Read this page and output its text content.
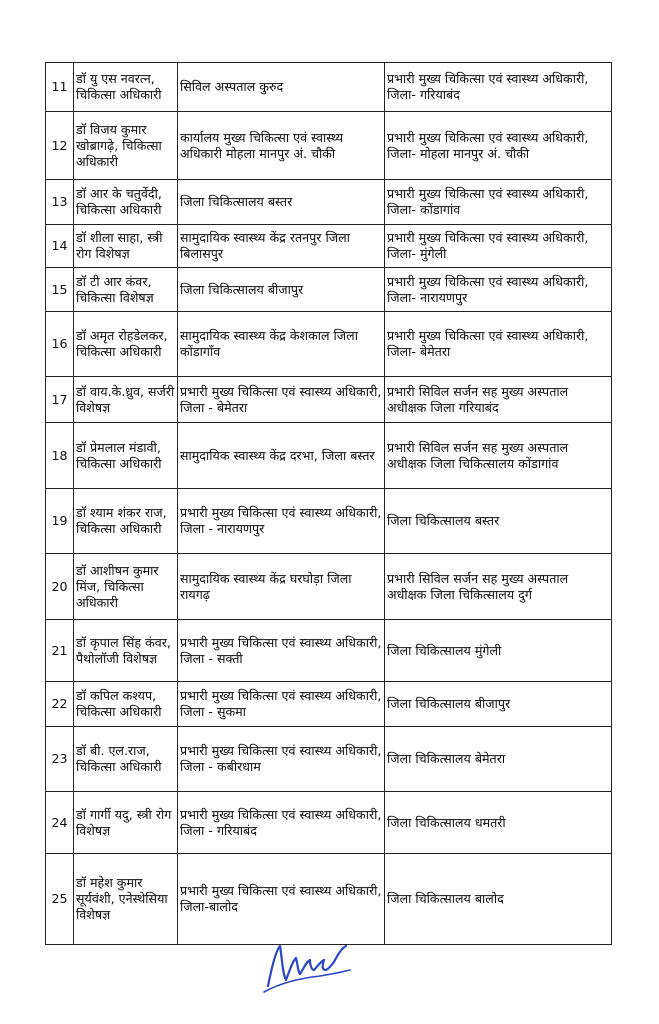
11	डॉ यु एस नवरत्न, चिकित्सा अधिकारी	सिविल अस्पताल कुरुद	प्रभारी मुख्य चिकित्सा एवं स्वास्थ्य अधिकारी, जिला- गरियाबंद
12	डॉ विजय कुमार खोब्रागढ़े, चिकित्सा अधिकारी	कार्यालय मुख्य चिकित्सा एवं स्वास्थ्य अधिकारी मोहला मानपुर अं. चौकी	प्रभारी मुख्य चिकित्सा एवं स्वास्थ्य अधिकारी, जिला- मोहला मानपुर अं. चौकी
13	डॉ आर के चतुर्वेदी, चिकित्सा अधिकारी	जिला चिकित्सालय बस्तर	प्रभारी मुख्य चिकित्सा एवं स्वास्थ्य अधिकारी, जिला- कोंडागांव
14	डॉ शीला साहा, स्त्री रोग विशेषज्ञ	सामुदायिक स्वास्थ्य केंद्र रतनपुर जिला बिलासपुर	प्रभारी मुख्य चिकित्सा एवं स्वास्थ्य अधिकारी, जिला- मुंगेली
15	डॉ टी आर कंवर, चिकित्सा विशेषज्ञ	जिला चिकित्सालय बीजापुर	प्रभारी मुख्य चिकित्सा एवं स्वास्थ्य अधिकारी, जिला- नारायणपुर
16	डॉ अमृत रोहडेलकर, चिकित्सा अधिकारी	सामुदायिक स्वास्थ्य केंद्र केशकाल जिला कोंडागाँव	प्रभारी मुख्य चिकित्सा एवं स्वास्थ्य अधिकारी, जिला- बेमेतरा
17	डॉ वाय.के.ध्रुव, सर्जरी विशेषज्ञ	प्रभारी मुख्य चिकित्सा एवं स्वास्थ्य अधिकारी, जिला - बेमेतरा	प्रभारी सिविल सर्जन सह मुख्य अस्पताल अधीक्षक जिला गरियाबंद
18	डॉ प्रेमलाल मंडावी, चिकित्सा अधिकारी	सामुदायिक स्वास्थ्य केंद्र दरभा, जिला बस्तर	प्रभारी सिविल सर्जन सह मुख्य अस्पताल अधीक्षक जिला चिकित्सालय कोंडागांव
19	डॉ श्याम शंकर राज, चिकित्सा अधिकारी	प्रभारी मुख्य चिकित्सा एवं स्वास्थ्य अधिकारी, जिला - नारायणपुर	जिला चिकित्सालय बस्तर
20	डॉ आशीषन कुमार मिंज, चिकित्सा अधिकारी	सामुदायिक स्वास्थ्य केंद्र घरघोड़ा जिला रायगढ़	प्रभारी सिविल सर्जन सह मुख्य अस्पताल अधीक्षक जिला चिकित्सालय दुर्ग
21	डॉ कृपाल सिंह कंवर, पैथोलॉजी विशेषज्ञ	प्रभारी मुख्य चिकित्सा एवं स्वास्थ्य अधिकारी, जिला - सक्ती	जिला चिकित्सालय मुंगेली
22	डॉ कपिल कश्यप, चिकित्सा अधिकारी	प्रभारी मुख्य चिकित्सा एवं स्वास्थ्य अधिकारी, जिला - सुकमा	जिला चिकित्सालय बीजापुर
23	डॉ बी. एल.राज, चिकित्सा अधिकारी	प्रभारी मुख्य चिकित्सा एवं स्वास्थ्य अधिकारी, जिला - कबीरधाम	जिला चिकित्सालय बेमेतरा
24	डॉ गार्गी यदु, स्त्री रोग विशेषज्ञ	प्रभारी मुख्य चिकित्सा एवं स्वास्थ्य अधिकारी, जिला - गरियाबंद	जिला चिकित्सालय धमतरी
25	डॉ महेश कुमार सूर्यवंशी, एनेस्थेसिया विशेषज्ञ	प्रभारी मुख्य चिकित्सा एवं स्वास्थ्य अधिकारी, जिला-बालोद	जिला चिकित्सालय बालोद
